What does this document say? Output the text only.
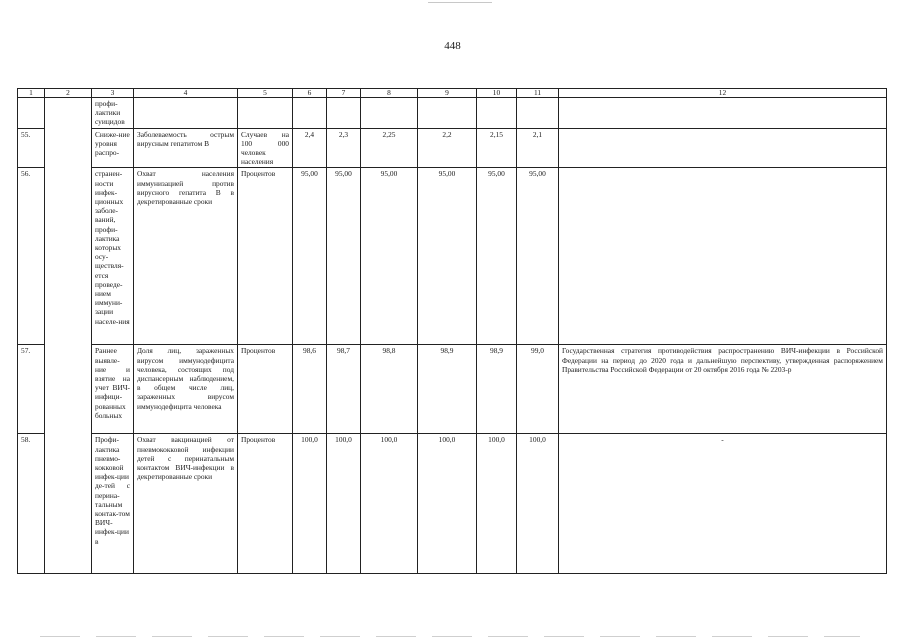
448
1	2	3	4	5	6	7	8	9	10	11	12
		профи-лактики суицидов									
55.		Сниже-ние уровня распро-	Заболеваемость острым вирусным гепатитом В	Случаев на 100 000 человек населения	2,4	2,3	2,25	2,2	2,15	2,1	
56.		странен-ности инфек-ционных заболе-ваний, профи-лактика которых осу-ществля-ется проведе-нием иммуни-зации населе-ния	Охват населения иммунизацией против вирусного гепатита В в декретированные сроки	Процентов	95,00	95,00	95,00	95,00	95,00	95,00	
57.		Раннее выявле-ние и взятие на учет ВИЧ-инфици-рованных больных	Доля лиц, зараженных вирусом иммунодефицита человека, состоящих под диспансерным наблюдением, в общем числе лиц, зараженных вирусом иммунодефицита человека	Процентов	98,6	98,7	98,8	98,9	98,9	99,0	Государственная стратегия противодействия распространению ВИЧ-инфекции в Российской Федерации на период до 2020 года и дальнейшую перспективу, утвержденная распоряжением Правительства Российской Федерации от 20 октября 2016 года № 2203-р
58.		Профи-лактика пневмо-кокковой инфек-ции де-тей с перина-тальным контак-том ВИЧ-инфек-ции в	Охват вакцинацией от пневмококковой инфекции детей с перинатальным контактом ВИЧ-инфекции в декретированные сроки	Процентов	100,0	100,0	100,0	100,0	100,0	100,0	-
